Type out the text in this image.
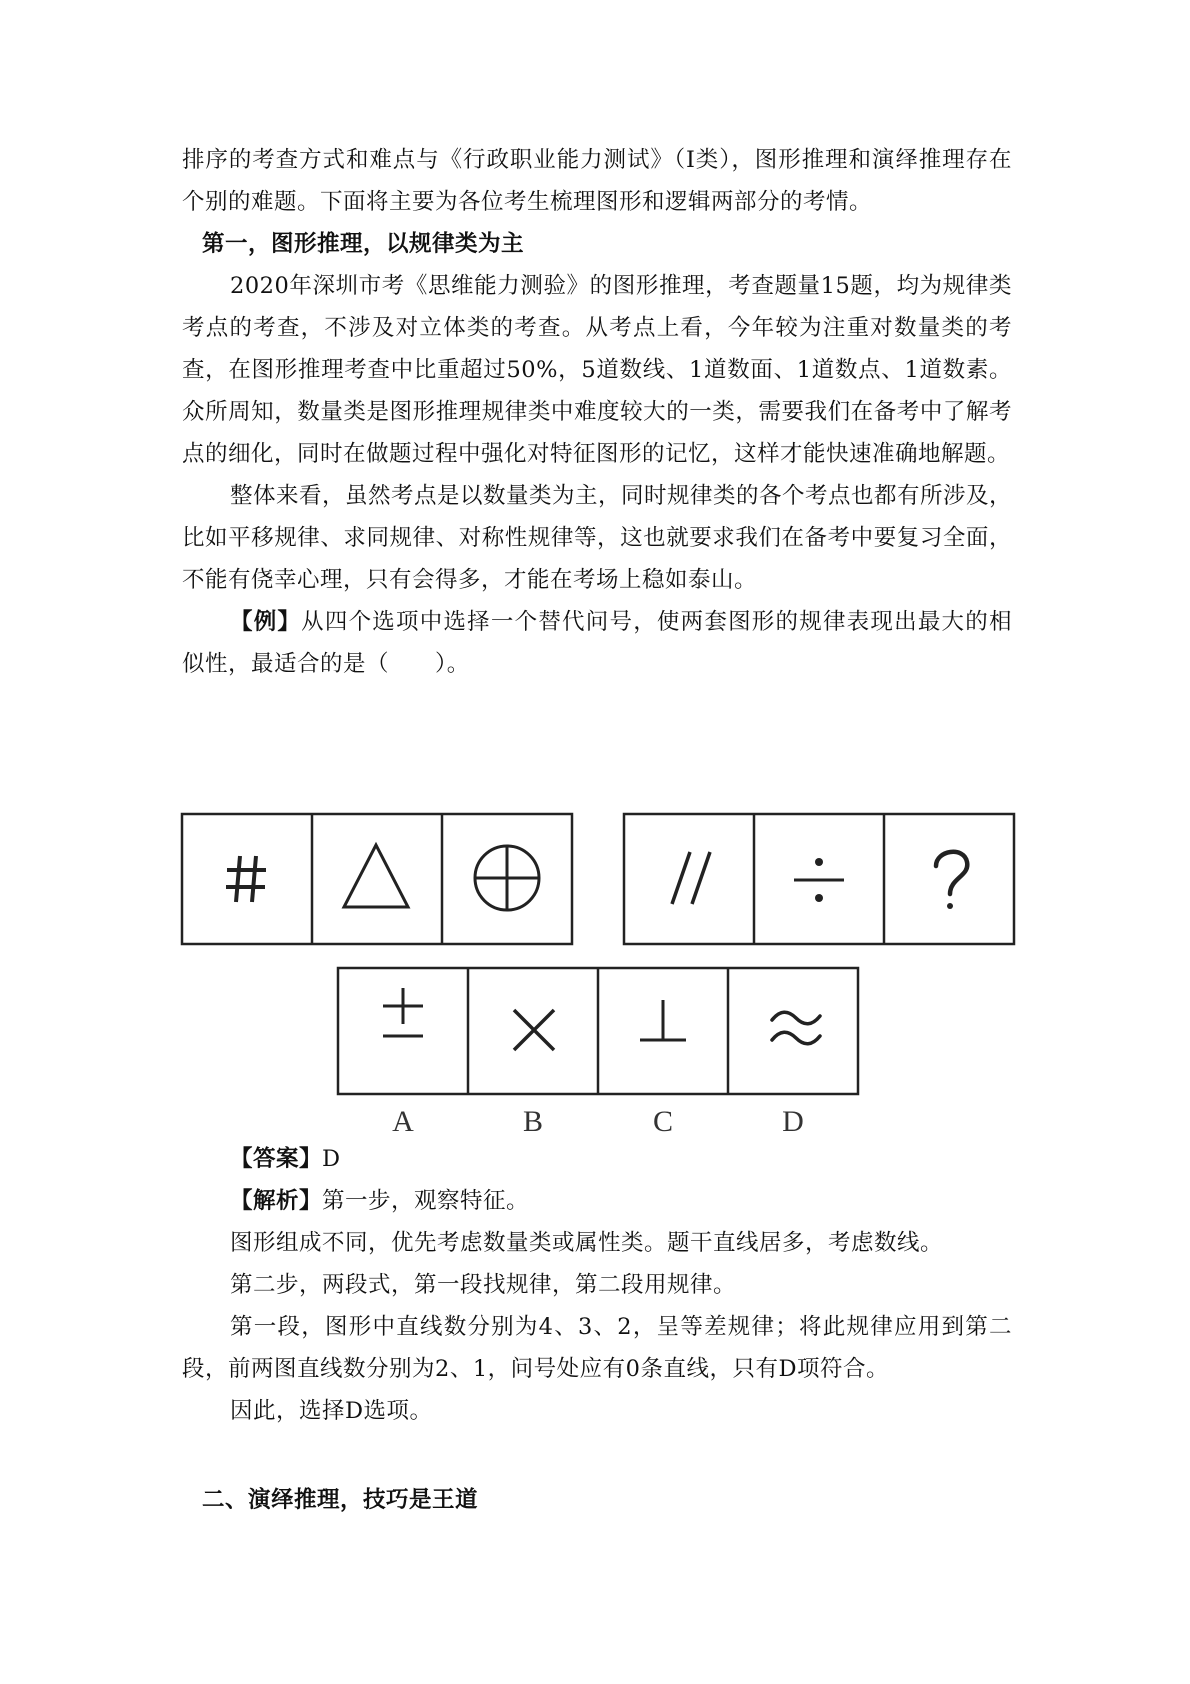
排序的考查方式和难点与《行政职业能力测试》（Ⅰ类），图形推理和演绎推理存在个别的难题。下面将主要为各位考生梳理图形和逻辑两部分的考情。

第一，图形推理，以规律类为主

2020年深圳市考《思维能力测验》的图形推理，考查题量15题，均为规律类考点的考查，不涉及对立体类的考查。从考点上看，今年较为注重对数量类的考查，在图形推理考查中比重超过50%，5道数线、1道数面、1道数点、1道数素。众所周知，数量类是图形推理规律类中难度较大的一类，需要我们在备考中了解考点的细化，同时在做题过程中强化对特征图形的记忆，这样才能快速准确地解题。

整体来看，虽然考点是以数量类为主，同时规律类的各个考点也都有所涉及，比如平移规律、求同规律、对称性规律等，这也就要求我们在备考中要复习全面，不能有侥幸心理，只有会得多，才能在考场上稳如泰山。

【例】从四个选项中选择一个替代问号，使两套图形的规律表现出最大的相似性，最适合的是（　　）。

A	B	C	D

【答案】D

【解析】第一步，观察特征。

图形组成不同，优先考虑数量类或属性类。题干直线居多，考虑数线。

第二步，两段式，第一段找规律，第二段用规律。

第一段，图形中直线数分别为4、3、2，呈等差规律；将此规律应用到第二段，前两图直线数分别为2、1，问号处应有0条直线，只有D项符合。

因此，选择D选项。

二、演绎推理，技巧是王道
